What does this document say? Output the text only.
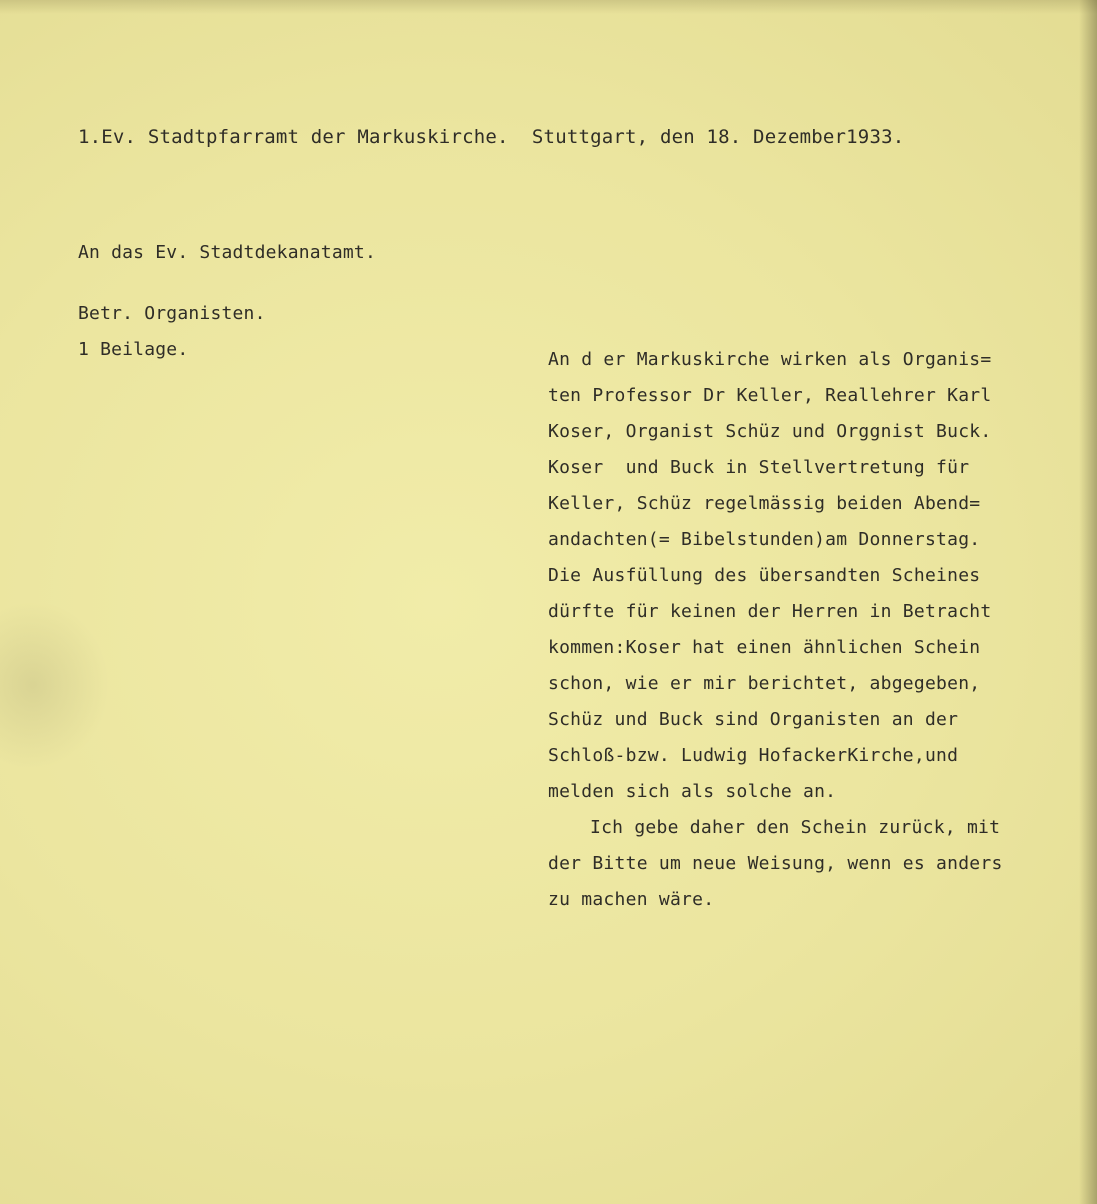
1.Ev. Stadtpfarramt der Markuskirche.  Stuttgart, den 18. Dezember1933.
An das Ev. Stadtdekanatamt.
Betr. Organisten.
1 Beilage.	An d er Markuskirche wirken als Organis=
ten Professor Dr Keller, Reallehrer Karl
Koser, Organist Schüz und Orggnist Buck.
Koser  und Buck in Stellvertretung für
Keller, Schüz regelmässig beiden Abend=
andachten(= Bibelstunden)am Donnerstag.
Die Ausfüllung des übersandten Scheines
dürfte für keinen der Herren in Betracht
kommen:Koser hat einen ähnlichen Schein
schon, wie er mir berichtet, abgegeben,
Schüz und Buck sind Organisten an der
Schloß-bzw. Ludwig HofackerKirche,und
melden sich als solche an.
Ich gebe daher den Schein zurück, mit
der Bitte um neue Weisung, wenn es anders
zu machen wäre.
